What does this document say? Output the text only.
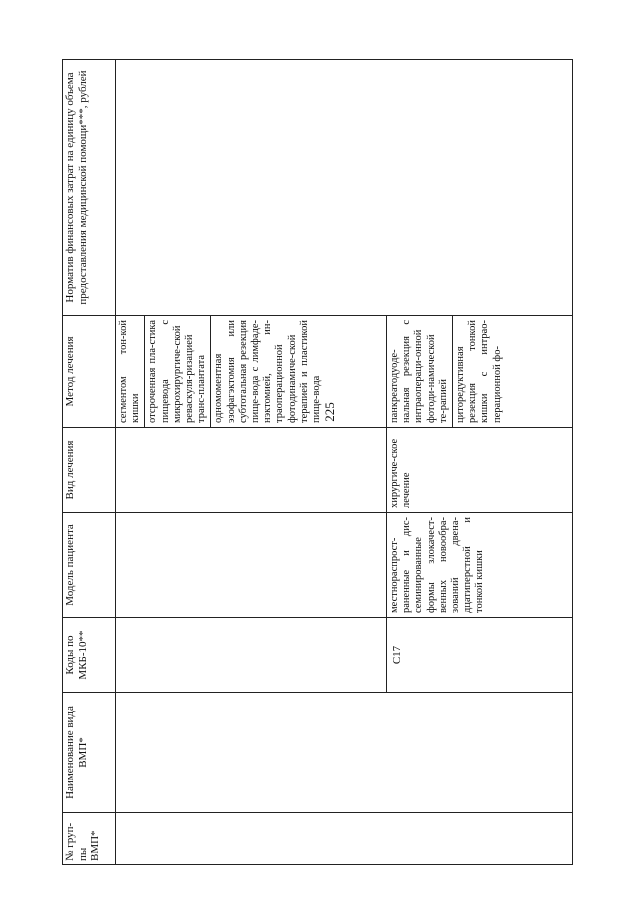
225
№ груп-пы ВМП*	Наименование вида ВМП*	Коды по МКБ-10**	Модель пациента	Вид лечения	Метод лечения	Норматив финансовых затрат на единицу объема предоставления медицинской помощи***, рублей

					сегментом тон-кой кишки отсроченная пла-стика пищевода с микрохирургиче-ской реваскуля-ризацией транс-плантата одномоментная эзофагэктомия или субтотальная резекция пище-вода с лимфаде-нэктомией, ин-траоперационной фотодинамиче-ской терапией и пластикой пище-вода	

		C17	местнораспрост-раненные и дис-семинированные формы злокачест-венных новообра-зований двена-дцатиперстной и тонкой кишки	хирургиче-ское лечение	панкреатодуоде-нальная резекция с интраопераци-онной фотоди-намической те-рапией циторедуктивная резекция тонкой кишки с интрао-перационной фо-	
